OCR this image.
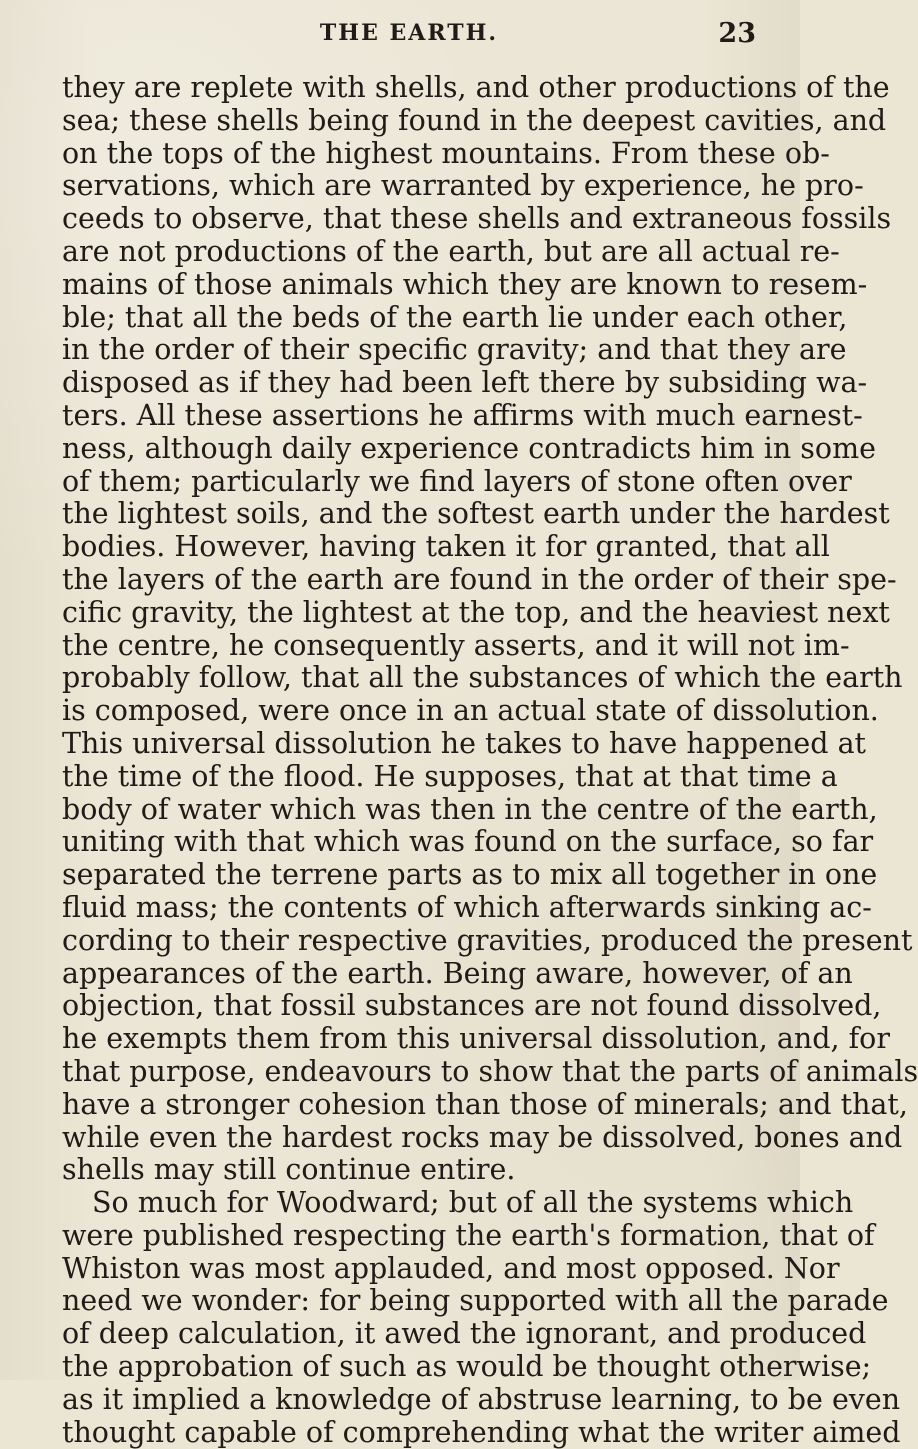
THE EARTH.	23
they are replete with shells, and other productions of the
sea; these shells being found in the deepest cavities, and
on the tops of the highest mountains. From these ob-
servations, which are warranted by experience, he pro-
ceeds to observe, that these shells and extraneous fossils
are not productions of the earth, but are all actual re-
mains of those animals which they are known to resem-
ble; that all the beds of the earth lie under each other,
in the order of their specific gravity; and that they are
disposed as if they had been left there by subsiding wa-
ters. All these assertions he affirms with much earnest-
ness, although daily experience contradicts him in some
of them; particularly we find layers of stone often over
the lightest soils, and the softest earth under the hardest
bodies. However, having taken it for granted, that all
the layers of the earth are found in the order of their spe-
cific gravity, the lightest at the top, and the heaviest next
the centre, he consequently asserts, and it will not im-
probably follow, that all the substances of which the earth
is composed, were once in an actual state of dissolution.
This universal dissolution he takes to have happened at
the time of the flood. He supposes, that at that time a
body of water which was then in the centre of the earth,
uniting with that which was found on the surface, so far
separated the terrene parts as to mix all together in one
fluid mass; the contents of which afterwards sinking ac-
cording to their respective gravities, produced the present
appearances of the earth. Being aware, however, of an
objection, that fossil substances are not found dissolved,
he exempts them from this universal dissolution, and, for
that purpose, endeavours to show that the parts of animals
have a stronger cohesion than those of minerals; and that,
while even the hardest rocks may be dissolved, bones and
shells may still continue entire.
So much for Woodward; but of all the systems which
were published respecting the earth's formation, that of
Whiston was most applauded, and most opposed. Nor
need we wonder: for being supported with all the parade
of deep calculation, it awed the ignorant, and produced
the approbation of such as would be thought otherwise;
as it implied a knowledge of abstruse learning, to be even
thought capable of comprehending what the writer aimed
